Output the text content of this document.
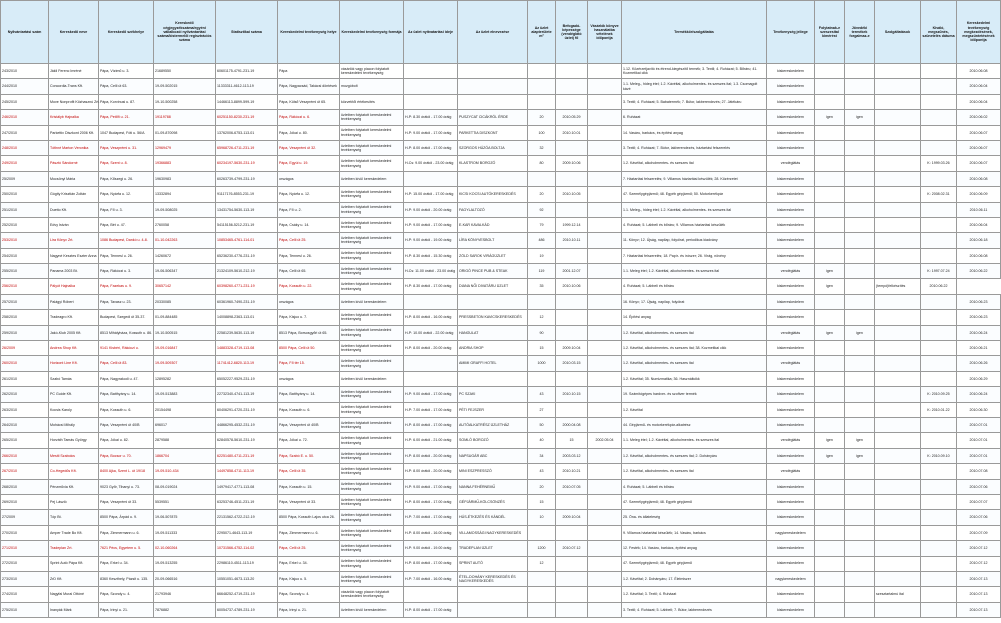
Nyilvántartási szám	Kereskedő neve	Kereskedő székhelye	Kereskedő cégjegyzékszáma/egyéni vállalkozói nyilvántartási száma/kistermelői regisztrációs száma	Statisztikai száma	Kereskedelmi tevékenység helye	Kereskedelmi tevékenység formája	Az üzlet nyitvatartási ideje	Az üzlet elnevezése	Az üzlet alapterülete m²	Befogadó-képessége (vendéglátó üzlet) fő	Vásárlók könyve használatba vételének időpontja	Termékkör/szolgáltatás	Tevékenység jellege	Folytatnak-e szeszesital kimérést	Jövedéki termékek forgalmaz-e	Szolgáltatások	Kiváló, megszűnés, szünetelés dátuma	Kereskedelmi tevékenység megkezdésének, megszüntetésének időpontja
243/2010	Jákli Ferenc Imréné	Pápa, Vízimű u. 3.	21689550	60601175-4791-231-19	Pápa	vásárlók vagy piacon folytatott kereskedelmi tevékenység						1.12. Közérzetjavító és étrend-kiegészítő termék; 3. Textil; 4. Ruházat; 5. Bőráru; 41. Kozmetikai cikk	kiskereskedelem					2010.06.08
244/2010	Concordia-Trans Kft.	Pápa, Celli út 63.	19-09-502015	11333311-4612-113-19	Pápa, Nagyacsád, Takácsi döntések	mozgóbolt						1.1. Meleg-, hideg étel; 1.2. Kávéital, alkoholmentes- és szeszes ital; 1.3. Csomagolt kávé	kiskereskedelem					2010.06.04
245/2010	Move Nonprofit Közhasznú Zrt.	Pápa, Korvinusi u. 87.	19-10-500258	14466113-8899-599-19	Pápa, Külső Veszprémi út 65.	közvetítői értékesítés						3. Textil; 4. Ruházat; 5. Babatermék; 7. Bútor, lakberendezés; 27. Játékáru	kiskereskedelem					2010.06.04
246/2010	Kristályb Hajnalka	Pápa, Petőfi u. 21.	19119788	60251150-8230-231-19	Pápa, Rákóczi u. 6.	üzletben folytatott kereskedelmi tevékenység	H-P: 8.30 órától - 17.00 óráig	PUSZYCAT CICÁKRÓL ÉRDE	20	2010.05.29		6. Ruházat	kiskereskedelem	igen	igen			2010.06.02
247/2010	Parkettix Diszkont 2006 Kft.	1047 Budapest, Fóti u. 56/A	01-09-870098	13762006-6753-113-01	Pápa, Jókai u. 80.	üzletben folytatott kereskedelmi tevékenység	H-P: 9.00 órától - 17.00 óráig	PARKETTIA DISZKONT	100	2010.10.01		14. Vasáru, barkács, és építési anyag	kiskereskedelem					2010.06.07
248/2010	Tóthné Marton Veronika	Pápa, Veszprémi u. 31.	12969479	65968726-4711-231-19	Pápa, Veszprémi út 32.	üzletben folytatott kereskedelmi tevékenység	H-P: 8.00 órától - 17.00 óráig	SZORGOS HÚZÓA BOLTJA	32			3. Textil; 4. Ruházat; 7. Bútor, lakberendezés, háztartási felszerelés	kiskereskedelem					2010.06.07
249/2010	Pásztó Sándorné	Pápa, Szent u. 8.	19366883	60234197-5630-231-19	Pápa, Egyúi u. 19.	üzletben folytatott kereskedelmi tevékenység	H-Cs: 9.00 órától - 23.00 óráig	KLASTROM BOROZÓ	80	2009.10.06		1.2. Kávéital, alkoholmentes- és szeszes ital	vendéglátás				K: 1999.03.26	2010.06.07
25/2009	Mocsönyi Mária	Pápa, Kőszegi u. 26.	19630983	60263739-4799-231-19	országos	üzletben kívül kereskedelem						7. Háztartási felszerelés; 9. Villamos háztartási készülék; 28. Közérzetet	kiskereskedelem					2010.06.08
250/2010	Gógity Krisztián Zoltán	Pápa, Nyárfa u. 12.	13332894	91117176-8553-231-19	Pápa, Nyárfa u. 12.	üzletben folytatott kereskedelmi tevékenység	H-P: 15.00 órától - 17.00 óráig	KICSI KOCSI AUTÓKERESKEDÉS	20	2010.10.05		47. Személygépjármű; 48. Egyéb gépjármű; 50. Motorkerékpár	kiskereskedelem				K: 2008.02.31	2010.06.09
251/2010	Duetto Kft.	Pápa, Fő u. 3.	19-09-508025	13431754-5630-113-19	Pápa, Fő u. 2.	üzletben folytatott kereskedelmi tevékenység	H-P: 9.00 órától - 20.00 óráig	FAGYLALTOZÓ	92			1.1. Meleg-, hideg étel; 1.2. Kávéital, alkoholmentes- és szeszes ital	kiskereskedelem					2010.06.11
252/2010	Edvy István	Pápa, Bét u. 47.	2760058	54115156-5212-231-19	Pápa, Csáky u. 14.	üzletben folytatott kereskedelmi tevékenység	H-P: 9.00 órától - 17.00 óráig	E-KAR KAVALKÁD	79	1999.12.14		4. Ruházat; 5. Lábbeli és bőráru; 9. Villamos háztartási készülék	kiskereskedelem					2010.06.04
253/2010	Lira Könyv Zrt.	1086 Budapest, Dankó u. 4-8.	01-10-042263	10853465-4761-114-01	Pápa, Celli út 25.	üzletben folytatott kereskedelmi tevékenység	H-P: 9.00 órától - 19.00 óráig	LÍRA KÖNYVESBOLT	486	2010.10.11		11. Könyv; 12. Újság, napilap, folyóirat, periodikus kiadvány	kiskereskedelem					2010.06.18
254/2010	Nagyné Kesztes Eszter Anna	Pápa, Tennesl u. 26.	14260672	65236230-4776-231-19	Pápa, Tennesl u. 26.	üzletben folytatott kereskedelmi tevékenység	H-P: 8.30 órától - 15.30 óráig	ZÖLD SAROK VIRÁGÜZLET	19			7. Háztartási felszerelés; 18. Papír- és írószer; 26. Virág, növény	kiskereskedelem					2010.06.08
255/2010	Panama 2003 Bt.	Pápa, Rákóczi u. 3.	19-06-506347	21324109-5610-212-19	Pápa, Celli út 65.	üzletben folytatott kereskedelmi tevékenység	H-Cs: 11.00 órától - 23.00 óráig	ORIGÓ PINCE PUB & STEAK	119	2001.12.07		1.1. Meleg étel; 1.2. Kávéital, alkoholmentes- és szeszes ital	vendéglátás	igen			K: 1997.07.24	2010.06.22
256/2010	Pályót Hajnalka	Pápa, Fazekas u. 9.	30657142	60398260-4771-231-19	Pápa, Kossuth u. 22.	üzletben folytatott kereskedelmi tevékenység	H-P: 8.30 órától - 17.00 óráig	DIANA NŐI DIVATÁRU ÜZLET	35	2010.10.06		4. Ruházat; 5. Lábbeli és bőráru	kiskereskedelem	igen		(tempó)felkészítés	2010.06.22	
257/2010	Palágyi Róbert	Pápa, Tavasz u. 23.	20330085	60361960-7490-231-19	országos	üzletben kívül kereskedelem						16. Könyv; 17. Újság, napilap, folyóirat	kiskereskedelem					2010.06.23
258/2010	Tradeagro Kft.	Budapest, Szegedi út 35-37.	01-09-884485	14008898-2363-113-01	Pápa, Kisjuo u. 7.	üzletben folytatott kereskedelmi tevékenység	H-P: 8.00 órától - 16.00 óráig	PRESSBETON KAVICSKERESKEDÉS	12			14. Építési anyag	kiskereskedelem					2010.06.23
259/2010	Jakó-Klub 2005 Kft.	8513 Mihályháza, Kossuth u. 86.	19-10-500515	22581239-5630-113-19	8513 Pápa, Borsosgyőri út 65.	üzletben folytatott kereskedelmi tevékenység	H-P: 10.00 órától - 22.00 óráig	HANGULAT	90			1.2. Kávéital, alkoholmentes- és szeszes ital	vendéglátás	igen	igen			2010.06.24
26/2009	Andrea Shop Kft.	9141 Kisbéri, Rákóczi u.	19-09-016847	14883328-4719-113-08	8500 Pápa, Celli út 50.	üzletben folytatott kereskedelmi tevékenység	H-P: 8.00 órától - 20.00 óráig	ANDRIA SHOP	15	2009.10.04		1.2. Kávéital, alkoholmentes- és szeszes ital; 38. Kozmetikai cikk	kiskereskedelem					2010.06.21
260/2010	Horizont Line Kft.	Pápa, Celli út 83.	19-09-509307	11741412-6820-113-19	Pápa, Fő tér 15.	üzletben folytatott kereskedelmi tevékenység		AMIMI GRAFFI HOTEL	1000	2010.03.15		1.2. Kávéital, alkoholmentes- és szeszes ital	vendéglátás					2010.06.26
261/2010	Szabó Tamás	Pápa, Nagyrakodi u. 47.	12895282	65052227-9529-231-19	országos	üzletben kívül kereskedelem						1.2. Kávéital; 35. Numizmatika; 36. Használtcikk	kiskereskedelem					2010.06.29
262/2010	PC Guide Kft.	Pápa, Batthyány u. 14.	19-09-513883	22732340-4741-113-19	Pápa, Batthyány u. 14.	üzletben folytatott kereskedelmi tevékenység	H-P: 9.00 órától - 17.00 óráig	PC SZAKI	43	2010.10.15		19. Számítógépes hardver- és szoftver termék	kiskereskedelem				K: 2010.09.25	2010.06.24
263/2010	Kocsis Karoly	Pápa, Kossuth u. 6.	20154498	60406291-4720-231-19	Pápa, Kossuth u. 6.	üzletben folytatott kereskedelmi tevékenység	H-P: 7.00 órától - 17.00 óráig	PÉTI FEJSZER	27			1.2. Kávéital	kiskereskedelem				K: 2010.01.22	2010.06.30
264/2010	Mohácsi Mihály	Pápa, Veszprémi út 40/B	696017	44866295-4532-231-19	Pápa, Veszprémi út 40/B	üzletben folytatott kereskedelmi tevékenység	H-P: 8.00 órától - 17.00 óráig	AUTÓALKATRÉSZ ÜZLETHÁZ	50	2000.04.08		44. Gépjármű- és motorkerékpár-alkatrész	kiskereskedelem					2010.07.01
265/2010	Horváth Tamás György	Pápa, Jókai u. 82.	2879588	62840578-5610-231-19	Pápa, Jókai u. 72.	üzletben folytatott kereskedelmi tevékenység	H-P: 6.00 órától - 21.00 óráig	SOMLÓ BOROZÓ	40	15	2002.05.04	1.1. Meleg étel; 1.2. Kávéital, alkoholmentes- és szeszes ital	vendéglátás	igen	igen			2010.07.01
266/2010	Mesiti Szabolcs	Pápa, Bocsor u. 70.	1866704	62251480-4711-231-19	Pápa, Szabó E. u. 50.	üzletben folytatott kereskedelmi tevékenység	H-P: 8.00 órától - 20.00 óráig	NAPSUGÁR ABC	34	2003.03.12		1.2. Kávéital, alkoholmentes- és szeszes ital; 2. Dohányáru	kiskereskedelem	igen	igen		K: 2010.09.10	2010.07.01
267/2010	Co-Hegedűs Kft.	8400 Ajka, Szent L. út 19/18	19-09-510-434	14497858-4711-113-19	Pápa, Celli út 35.	üzletben folytatott kereskedelmi tevékenység	H-P: 8.00 órától - 20.00 óráig	MINI ESZPRESSZÓ	43	2010.10.21		1.2. Kávéital, alkoholmentes- és szeszes ital	vendéglátás					2010.07.08
268/2010	Pénzművia Kft.	9023 Győr, Tihanyi u. 73.	08-09-019024	14979417-4771-113-08	Pápa, Kossuth u. 15.	üzletben folytatott kereskedelmi tevékenység	H-P: 9.00 órától - 17.00 óráig	NANNA FEHÉRNEMŰ	20	2010.07.05		4. Ruházat; 5. Lábbeli és bőráru	kiskereskedelem					2010.07.06
269/2010	Pej László	Pápa, Veszprémi út 33.	5539551	63253746-4511-231-19	Pápa, Veszprémi út 33.	üzletben folytatott kereskedelmi tevékenység	H-P: 8.00 órától - 17.00 óráig	GÉPJÁRMŰ-KÖLCSÖNZÉS	15			47. Személygépjármű; 48. Egyéb gépjármű	kiskereskedelem					2010.07.07
27/2009	Tóp Bt.	8500 Pápa, Árpád u. 9.	19-06-507875	22131562-4722-212-19	8500 Pápa, Kossuth Lajos utca 26.	üzletben folytatott kereskedelmi tevékenység	H-P: 7.00 órától - 17.00 óráig	HÚS-ÉTKEZÉS ÉS KÁNDÉL	10	2009.10.04		25. Öna- és állateleség	kiskereskedelem					2010.07.06
270/2010	Amper Trade Bo Kft.	Pápa, Zimmermann u. 6.	19-09-511333	2295071-4643-113-19	Pápa, Zimmermann u. 6.	üzletben folytatott kereskedelmi tevékenység	H-P: 8.00 órától - 16.00 óráig	VILLAMOSSÁGI NAGYKERESKEDÉS				9. Villamos háztartási készülék; 14. Vasáru, barkács	nagykereskedelem					2010.07.09
271/2010	Tradeplan Zrt.	7621 Pécs, Egyetem u. 5.	02-10-060264	10731566-4752-114-02	Pápa, Celli út 25.	üzletben folytatott kereskedelmi tevékenység	H-P: 9.00 órától - 19.00 óráig	TRADEPLAN ÜZLET	1200	2010.07.12		12. Festék; 14. Vasáru, barkács, építési anyag	kiskereskedelem					2010.07.12
272/2010	Sprint Autó Pápa Kft.	Pápa, Erkel u. 34.	19-09-513255	22986110-4511-113-19	Pápa, Erkel u. 34.	üzletben folytatott kereskedelmi tevékenység	H-P: 8.00 órától - 17.00 óráig	SPRINT AUTÓ	12			47. Személygépjármű; 48. Egyéb gépjármű	kiskereskedelem					2010.07.12
273/2010	ZrD Kft.	8360 Keszthely, Pázsit u. 135.	20-09-066516	10551051-4673-113-20	Pápa, Kisjuo u. 5.	üzletben folytatott kereskedelmi tevékenység	H-P: 7.00 órától - 16.00 óráig	ÉTEL-DOHÁNY KERESKEDÉS ÉS NAGYKERESKEDÉS				1.2. Kávéital; 2. Dohányáru; 17. Élelmiszer	nagykereskedelem					2010.07.13
274/2010	Nagyfai Murai Ottóné	Pápa, Szondy u. 4.	21793946	66648252-4719-231-19	Pápa, Szondy u. 4.	vásárlók vagy piacon folytatott kereskedelmi tevékenység						1.2. Kávéital; 3. Textil; 4. Ruházat	kiskereskedelem			szesztartalmú ital		2010.07.13
275/2010	Inanyák Márk	Pápa, Irinyi u. 21.	7876882	60054737-4789-231-19	Pápa, Irinyi u. 21.	üzletben kívül kereskedelem	H-P: 8.00 órától - 17.00 óráig					3. Textil; 4. Ruházat; 5. Lábbeli; 7. Bútor, lakberendezés	kiskereskedelem					2010.07.13
